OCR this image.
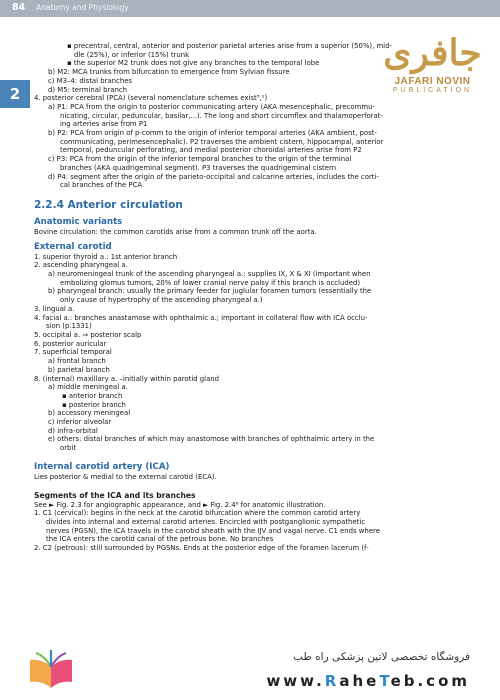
84 Anatomy and Physiology
2
جافری
JAFARI NOVIN
PUBLICATION
▪ precentral, central, anterior and posterior parietal arteries arise from a superior (50%), mid-
dle (25%), or inferior (15%) trunk
▪ the superior M2 trunk does not give any branches to the temporal lobe
b) M2: MCA trunks from bifurcation to emergence from Sylvian fissure
c) M3–4: distal branches
d) M5: terminal branch
4. posterior cerebral (PCA) (several nomenclature schemes exist⁵,¹)
a) P1: PCA from the origin to posterior communicating artery (AKA mesencephalic, precommu-
nicating, circular, peduncular, basilar,...). The long and short circumflex and thalamoperforat-
ing arteries arise from P1
b) P2: PCA from origin of p-comm to the origin of inferior temporal arteries (AKA ambient, post-
communicating, perimesencephalic). P2 traverses the ambient cistern, hippocampal, anterior
temporal, peduncular perforating, and medial posterior choroidal arteries arise from P2
c) P3: PCA from the origin of the inferior temporal branches to the origin of the terminal
branches (AKA quadrigeminal segment). P3 traverses the quadrigeminal cistern
d) P4: segment after the origin of the parieto-occipital and calcarine arteries, includes the corti-
cal branches of the PCA
2.2.4 Anterior circulation
Anatomic variants
Bovine circulation: the common carotids arise from a common trunk off the aorta.
External carotid
1. superior thyroid a.: 1st anterior branch
2. ascending pharyngeal a.
a) neuromeningeal trunk of the ascending pharyngeal a.: supplies IX, X & XI (important when
embolizing glomus tumors, 20% of lower cranial nerve palsy if this branch is occluded)
b) pharyngeal branch: usually the primary feeder for juglular foramen tumors (essentially the
only cause of hypertrophy of the ascending pharyngeal a.)
3. lingual a.
4. facial a.: branches anastamose with ophthalmic a.; important in collateral flow with ICA occlu-
sion (p.1331)
5. occipital a. ⇒ posterior scalp
6. posterior auricular
7. superficial temporal
a) frontal branch
b) parietal branch
8. (internal) maxillary a. –initially within parotid gland
a) middle meningeal a.
▪ anterior branch
▪ posterior branch
b) accessory meningeal
c) inferior alveolar
d) infra-orbital
e) others: distal branches of which may anastomose with branches of ophthalmic artery in the
orbit
Internal carotid artery (ICA)
Lies posterior & medial to the external carotid (ECA).
Segments of the ICA and its branches
See ► Fig. 2.3 for angiographic appearance, and ► Fig. 2.4⁶ for anatomic illustration.
1. C1 (cervical): begins in the neck at the carotid bifurcation where the common carotid artery
divides into internal and external carotid arteries. Encircled with postganglionic sympathetic
nerves (PGSN), the ICA travels in the carotid sheath with the IJV and vagal nerve. C1 ends where
the ICA enters the carotid canal of the petrous bone. No branches
2. C2 (petrous): still surrounded by PGSNs. Ends at the posterior edge of the foramen lacerum (f-
فروشگاه تخصصی لاتین پزشکی راه طب
www.RaheTeb.com
